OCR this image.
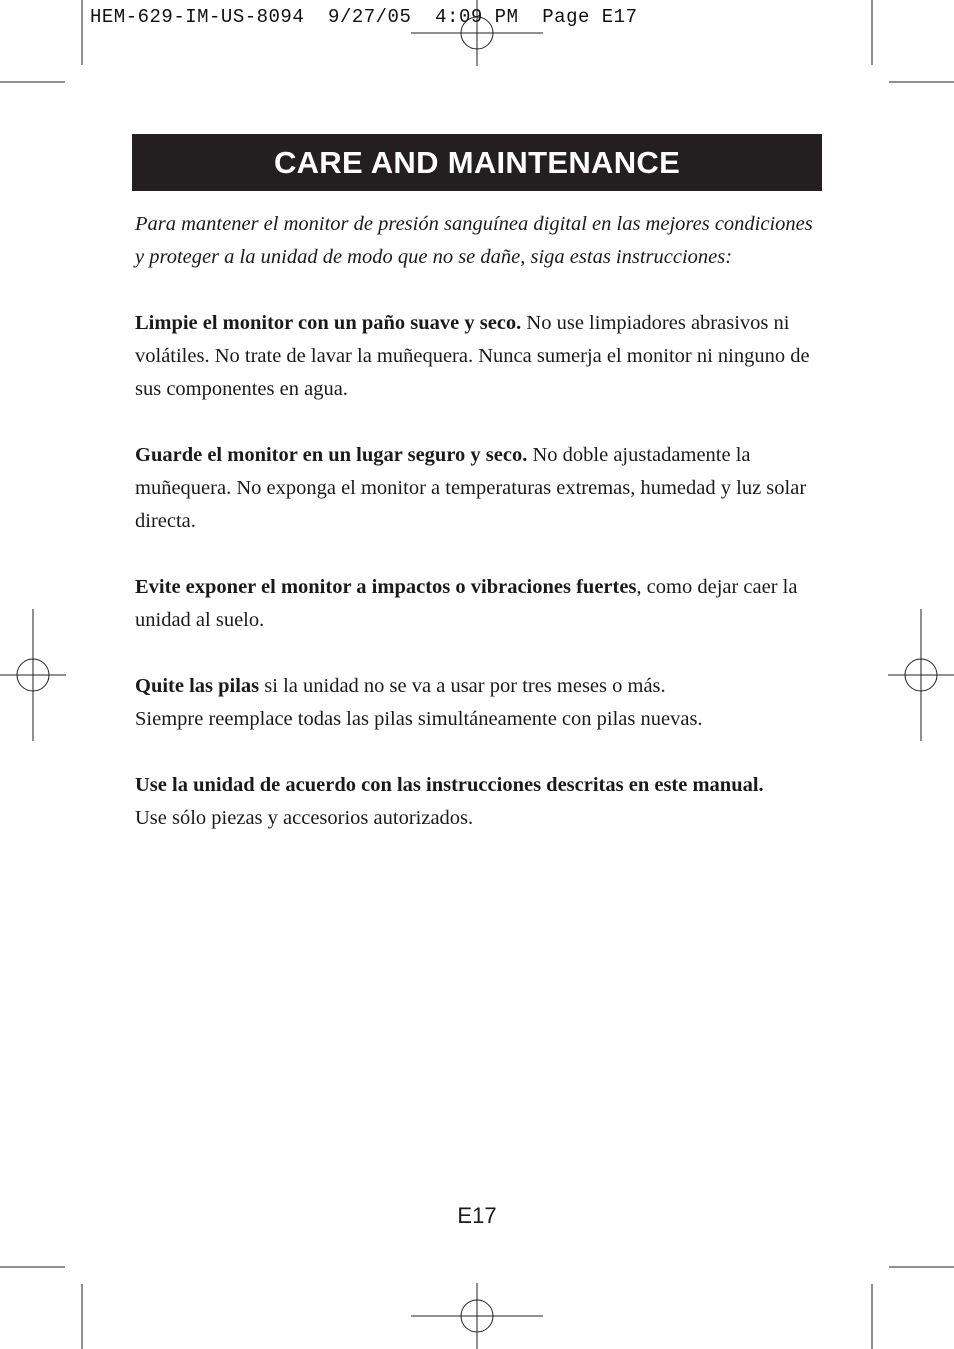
HEM-629-IM-US-8094  9/27/05  4:09 PM  Page E17
CARE AND MAINTENANCE

Para mantener el monitor de presión sanguínea digital en las mejores condiciones y proteger a la unidad de modo que no se dañe, siga estas instrucciones:

Limpie el monitor con un paño suave y seco. No use limpiadores abrasivos ni volátiles. No trate de lavar la muñequera. Nunca sumerja el monitor ni ninguno de sus componentes en agua.

Guarde el monitor en un lugar seguro y seco. No doble ajustadamente la muñequera. No exponga el monitor a temperaturas extremas, humedad y luz solar directa.

Evite exponer el monitor a impactos o vibraciones fuertes, como dejar caer la unidad al suelo.

Quite las pilas si la unidad no se va a usar por tres meses o más.
Siempre reemplace todas las pilas simultáneamente con pilas nuevas.

Use la unidad de acuerdo con las instrucciones descritas en este manual.
Use sólo piezas y accesorios autorizados.

E17
